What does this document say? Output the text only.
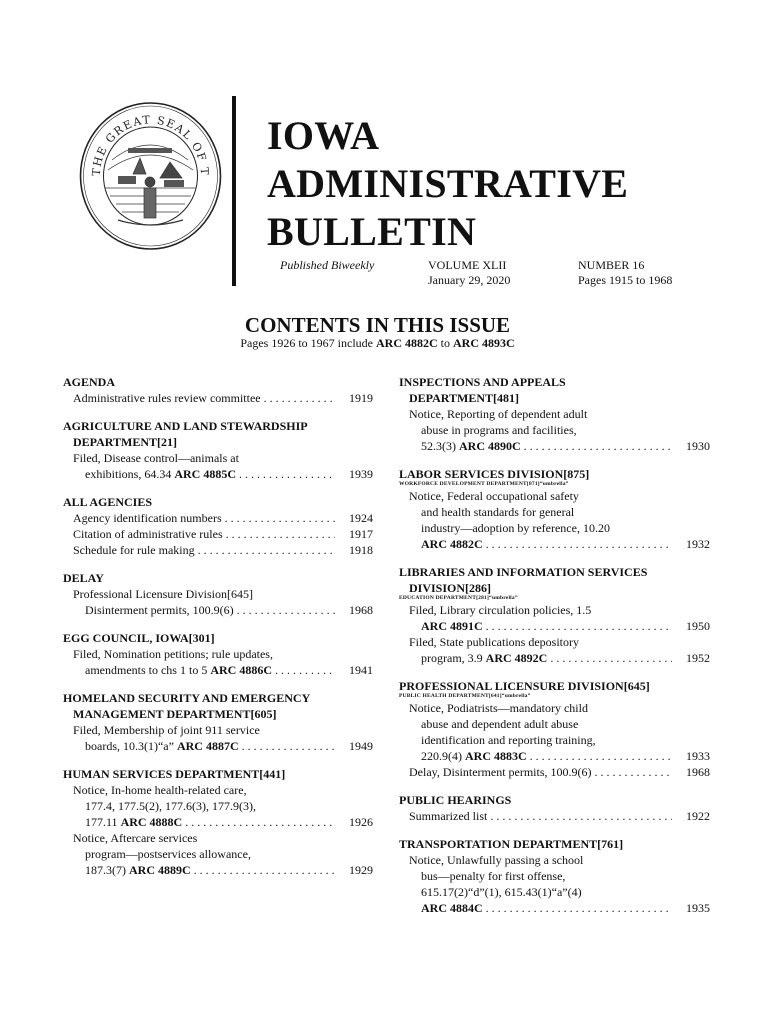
THE GREAT SEAL OF T
IOWA
ADMINISTRATIVE
BULLETIN
Published Biweekly	VOLUME XLII
January 29, 2020
NUMBER 16
Pages 1915 to 1968
CONTENTS IN THIS ISSUE
Pages 1926 to 1967 include ARC 4882C to ARC 4893C
AGENDA
Administrative rules review committee . . .	1919
AGRICULTURE AND LAND STEWARDSHIP
DEPARTMENT[21]
Filed, Disease control—animals at
exhibitions, 64.34 ARC 4885C . . .	1939
ALL AGENCIES
Agency identification numbers . . .	1924
Citation of administrative rules . . .	1917
Schedule for rule making . . .	1918
DELAY
Professional Licensure Division[645]
Disinterment permits, 100.9(6) . . .	1968
EGG COUNCIL, IOWA[301]
Filed, Nomination petitions; rule updates,
amendments to chs 1 to 5 ARC 4886C . . .	1941
HOMELAND SECURITY AND EMERGENCY
MANAGEMENT DEPARTMENT[605]
Filed, Membership of joint 911 service
boards, 10.3(1)“a” ARC 4887C . . .	1949
HUMAN SERVICES DEPARTMENT[441]
Notice, In-home health-related care,
177.4, 177.5(2), 177.6(3), 177.9(3),
177.11 ARC 4888C . . .	1926
Notice, Aftercare services
program—postservices allowance,
187.3(7) ARC 4889C . . .	1929
INSPECTIONS AND APPEALS
DEPARTMENT[481]
Notice, Reporting of dependent adult
abuse in programs and facilities,
52.3(3) ARC 4890C . . .	1930
LABOR SERVICES DIVISION[875]
WORKFORCE DEVELOPMENT DEPARTMENT[871]“umbrella”
Notice, Federal occupational safety
and health standards for general
industry—adoption by reference, 10.20
ARC 4882C . . .	1932
LIBRARIES AND INFORMATION SERVICES
DIVISION[286]
EDUCATION DEPARTMENT[281]“umbrella”
Filed, Library circulation policies, 1.5
ARC 4891C . . .	1950
Filed, State publications depository
program, 3.9 ARC 4892C . . .	1952
PROFESSIONAL LICENSURE DIVISION[645]
PUBLIC HEALTH DEPARTMENT[641]“umbrella”
Notice, Podiatrists—mandatory child
abuse and dependent adult abuse
identification and reporting training,
220.9(4) ARC 4883C . . .	1933
Delay, Disinterment permits, 100.9(6) . . .	1968
PUBLIC HEARINGS
Summarized list . . .	1922
TRANSPORTATION DEPARTMENT[761]
Notice, Unlawfully passing a school
bus—penalty for first offense,
615.17(2)“d”(1), 615.43(1)“a”(4)
ARC 4884C . . .	1935
